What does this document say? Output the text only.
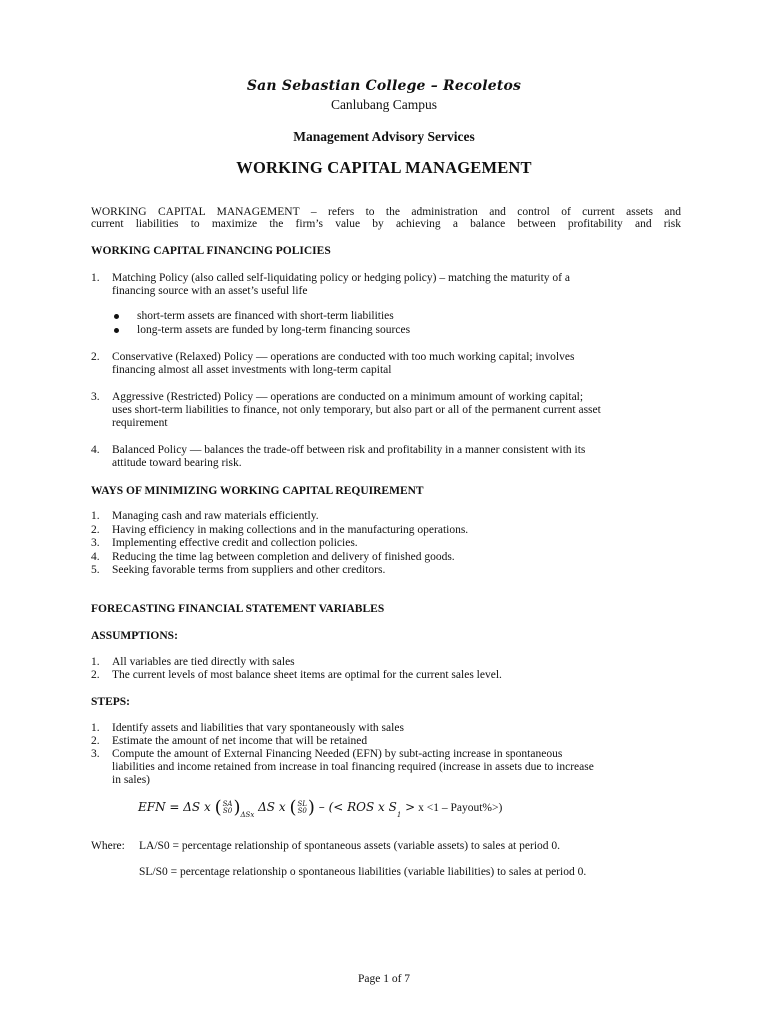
San Sebastian College – Recoletos
Canlubang Campus
Management Advisory Services
WORKING CAPITAL MANAGEMENT
WORKING CAPITAL MANAGEMENT – refers to the administration and control of current assets and
current liabilities to maximize the firm’s value by achieving a balance between profitability and risk
WORKING CAPITAL FINANCING POLICIES
1. Matching Policy (also called self-liquidating policy or hedging policy) – matching the maturity of a
financing source with an asset’s useful life
short-term assets are financed with short-term liabilities
long-term assets are funded by long-term financing sources
2. Conservative (Relaxed) Policy — operations are conducted with too much working capital; involves
financing almost all asset investments with long-term capital
3. Aggressive (Restricted) Policy — operations are conducted on a minimum amount of working capital;
uses short-term liabilities to finance, not only temporary, but also part or all of the permanent current asset
requirement
4. Balanced Policy — balances the trade-off between risk and profitability in a manner consistent with its
attitude toward bearing risk.
WAYS OF MINIMIZING WORKING CAPITAL REQUIREMENT
1. Managing cash and raw materials efficiently.
2. Having efficiency in making collections and in the manufacturing operations.
3. Implementing effective credit and collection policies.
4. Reducing the time lag between completion and delivery of finished goods.
5. Seeking favorable terms from suppliers and other creditors.
FORECASTING FINANCIAL STATEMENT VARIABLES
ASSUMPTIONS:
1. All variables are tied directly with sales
2. The current levels of most balance sheet items are optimal for the current sales level.
STEPS:
1. Identify assets and liabilities that vary spontaneously with sales
2. Estimate the amount of net income that will be retained
3. Compute the amount of External Financing Needed (EFN) by subt-acting increase in spontaneous
liabilities and income retained from increase in toal financing required (increase in assets due to increase
in sales)
EFN = ΔS x (SA
$S0)_{\Delta Sx}$ ΔS x (SL
S0) – (< ROS x $S_1 > x <1$ – Payout%>)
Where: LA/S0 = percentage relationship of spontaneous assets (variable assets) to sales at period 0.
SL/S0 = percentage relationship o spontaneous liabilities (variable liabilities) to sales at period 0.
Page 1 of 7
